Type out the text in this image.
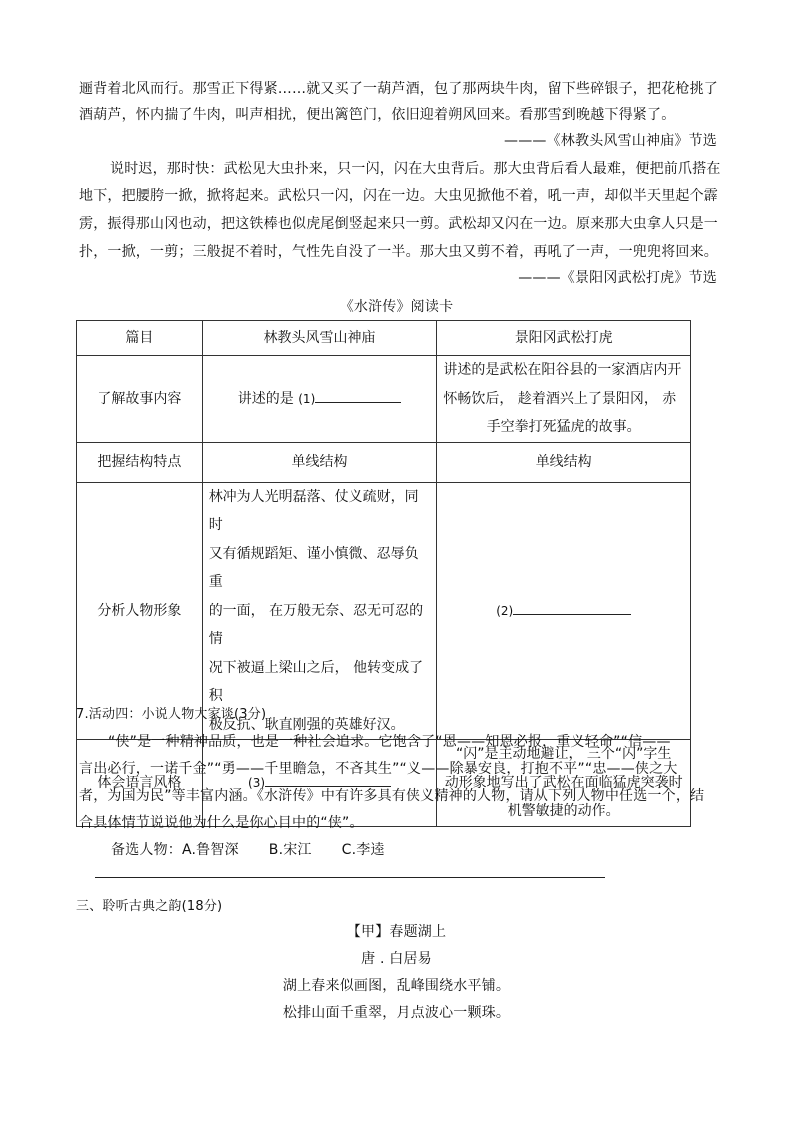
逦背着北风而行。那雪正下得紧……就又买了一葫芦酒，包了那两块牛肉，留下些碎银子，把花枪挑了
酒葫芦，怀内揣了牛肉，叫声相扰，便出篱笆门，依旧迎着朔风回来。看那雪到晚越下得紧了。
———《林教头风雪山神庙》节选
说时迟，那时快：武松见大虫扑来，只一闪，闪在大虫背后。那大虫背后看人最难，便把前爪搭在
地下，把腰胯一掀，掀将起来。武松只一闪，闪在一边。大虫见掀他不着，吼一声，却似半天里起个霹
雳，振得那山冈也动，把这铁棒也似虎尾倒竖起来只一剪。武松却又闪在一边。原来那大虫拿人只是一
扑，一掀，一剪；三般捉不着时，气性先自没了一半。那大虫又剪不着，再吼了一声，一兜兜将回来。
———《景阳冈武松打虎》节选
《水浒传》阅读卡
篇目	林教头风雪山神庙	景阳冈武松打虎
了解故事内容	讲述的是 (1)	讲述的是武松在阳谷县的一家酒店内开
怀畅饮后， 趁着酒兴上了景阳冈， 赤
手空拳打死猛虎的故事。

把握结构特点	单线结构	单线结构
分析人物形象	林冲为人光明磊落、仗义疏财，同时
又有循规蹈矩、谨小慎微、忍辱负重
的一面， 在万般无奈、忍无可忍的情
况下被逼上梁山之后， 他转变成了积
极反抗、耿直刚强的英雄好汉。	(2)
体会语言风格	(3)	“闪”是主动地避让， 三个“闪”字生
动形象地写出了武松在面临猛虎突袭时
机警敏捷的动作。
7.活动四：小说人物大家谈(3分)
“侠”是一种精神品质，也是一种社会追求。它饱含了“恩——知恩必报，重义轻命”“信——
言出必行，一诺千金”“勇——千里瞻急，不吝其生”“义——除暴安良，打抱不平”“忠——侠之大
者，为国为民”等丰富内涵。《水浒传》中有许多具有侠义精神的人物，请从下列人物中任选一个，结
合具体情节说说他为什么是你心目中的“侠”。
备选人物：A.鲁智深 B.宋江 C.李逵
三、聆听古典之韵(18分)
【甲】春题湖上
唐 . 白居易
湖上春来似画图，乱峰围绕水平铺。
松排山面千重翠，月点波心一颗珠。
